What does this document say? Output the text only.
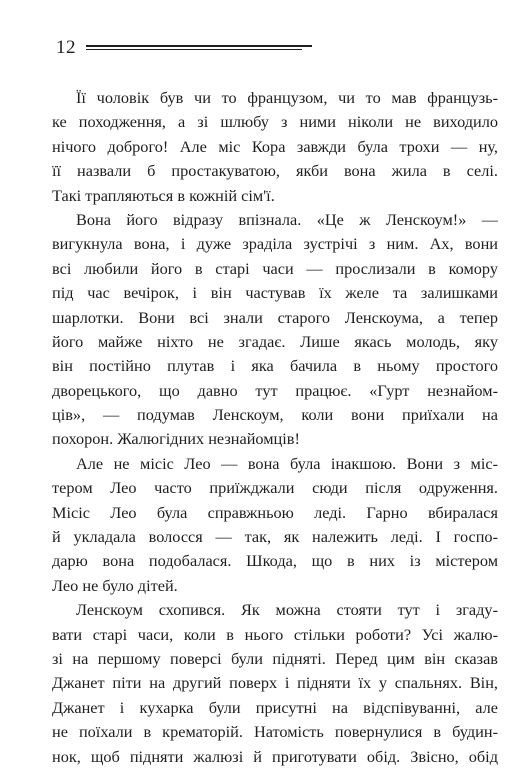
12
Її чоловік був чи то французом, чи то мав французь-
ке походження, а зі шлюбу з ними ніколи не виходило
нічого доброго! Але міс Кора завжди була трохи — ну,
її назвали б простакуватою, якби вона жила в селі.
Такі трапляються в кожній сім'ї.
Вона його відразу впізнала. «Це ж Ленскоум!» —
вигукнула вона, і дуже зраділа зустрічі з ним. Ах, вони
всі любили його в старі часи — прослизали в комору
під час вечірок, і він частував їх желе та залишками
шарлотки. Вони всі знали старого Ленскоума, а тепер
його майже ніхто не згадає. Лише якась молодь, яку
він постійно плутав і яка бачила в ньому простого
дворецького, що давно тут працює. «Гурт незнайом-
ців», — подумав Ленскоум, коли вони приїхали на
похорон. Жалюгідних незнайомців!
Але не місіс Лео — вона була інакшою. Вони з міс-
тером Лео часто приїжджали сюди після одруження.
Місіс Лео була справжньою леді. Гарно вбиралася
й укладала волосся — так, як належить леді. І госпо-
дарю вона подобалася. Шкода, що в них із містером
Лео не було дітей.
Ленскоум схопився. Як можна стояти тут і згаду-
вати старі часи, коли в нього стільки роботи? Усі жалю-
зі на першому поверсі були підняті. Перед цим він сказав
Джанет піти на другий поверх і підняти їх у спальнях. Він,
Джанет і кухарка були присутні на відспівуванні, але
не поїхали в крематорій. Натомість повернулися в будин-
нок, щоб підняти жалюзі й приготувати обід. Звісно, обід
